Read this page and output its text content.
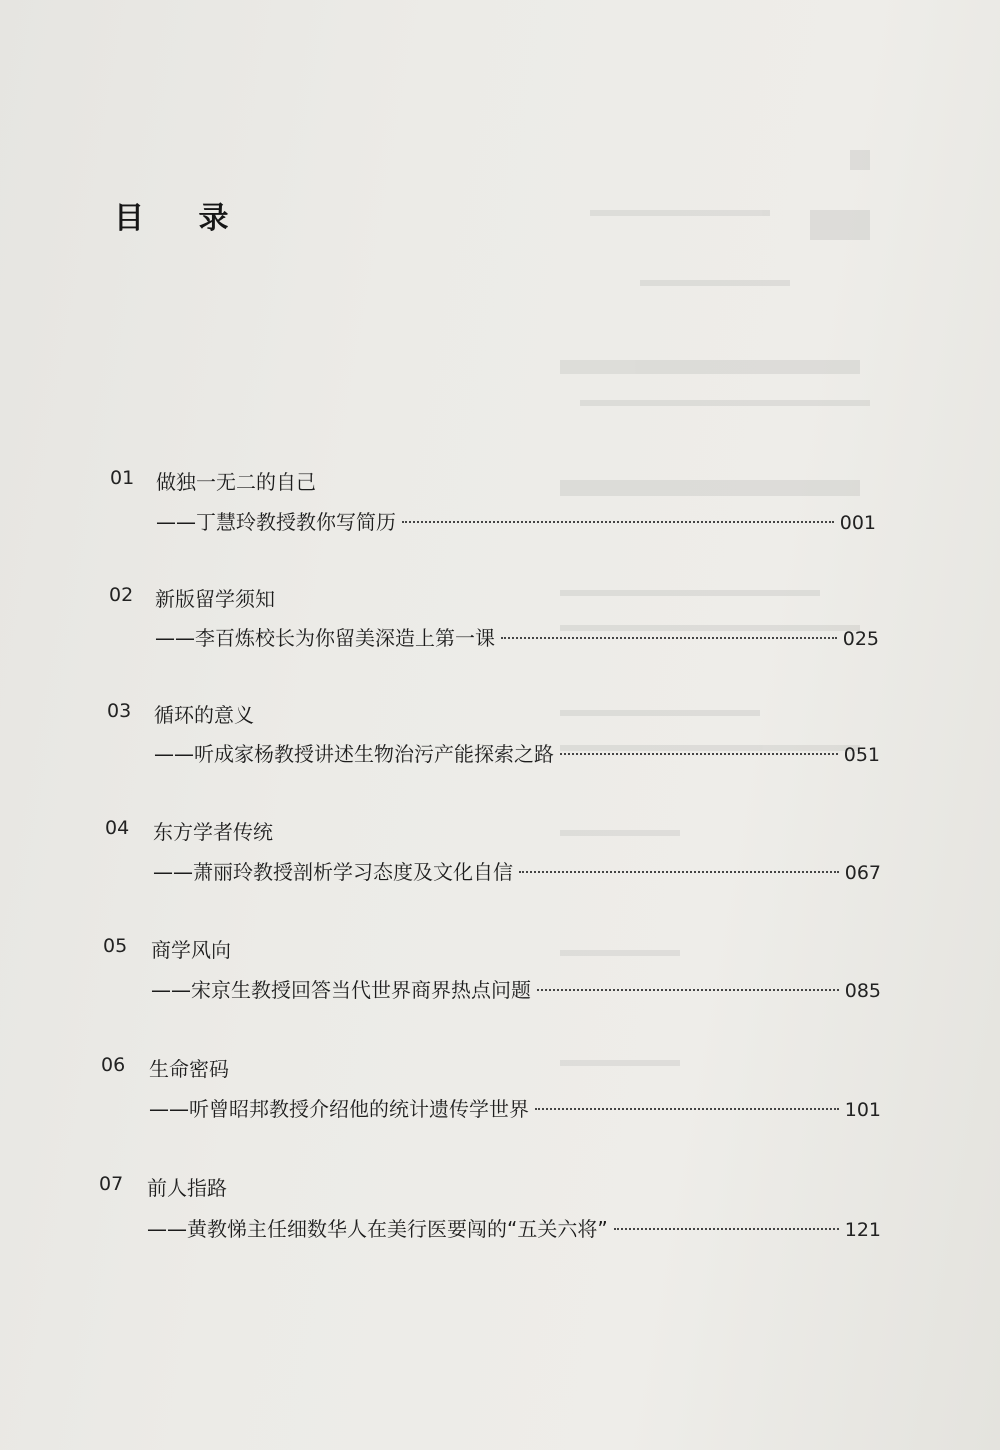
目 录
01 做独一无二的自己
——丁慧玲教授教你写简历	001
02 新版留学须知
——李百炼校长为你留美深造上第一课	025
03 循环的意义
——听成家杨教授讲述生物治污产能探索之路	051
04 东方学者传统
——萧丽玲教授剖析学习态度及文化自信	067
05 商学风向
——宋京生教授回答当代世界商界热点问题	085
06 生命密码
——听曾昭邦教授介绍他的统计遗传学世界	101
07 前人指路
——黄教悌主任细数华人在美行医要闯的“五关六将”	121
